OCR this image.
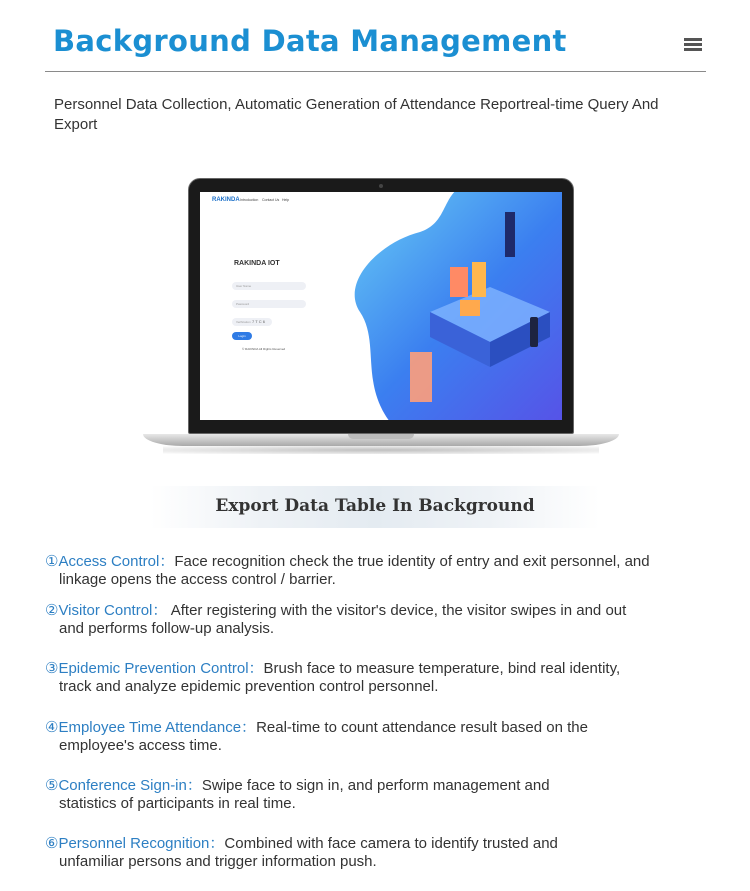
Background Data Management
Personnel Data Collection, Automatic Generation of Attendance Reportreal-time Query And Export
RAKINDA Introduction Contact Us Help
RAKINDA IOT
User Name
Password
Verification 7 T C 6
Login
© RAKINDA All Rights Reserved
Export Data Table In Background
①Access Control：Face recognition check the true identity of entry and exit personnel, and
linkage opens the access control / barrier.
②Visitor Control： After registering with the visitor's device, the visitor swipes in and out
and performs follow-up analysis.
③Epidemic Prevention Control：Brush face to measure temperature, bind real identity,
track and analyze epidemic prevention control personnel.
④Employee Time Attendance：Real-time to count attendance result based on the
employee's access time.
⑤Conference Sign-in：Swipe face to sign in, and perform management and
statistics of participants in real time.
⑥Personnel Recognition：Combined with face camera to identify trusted and
unfamiliar persons and trigger information push.
